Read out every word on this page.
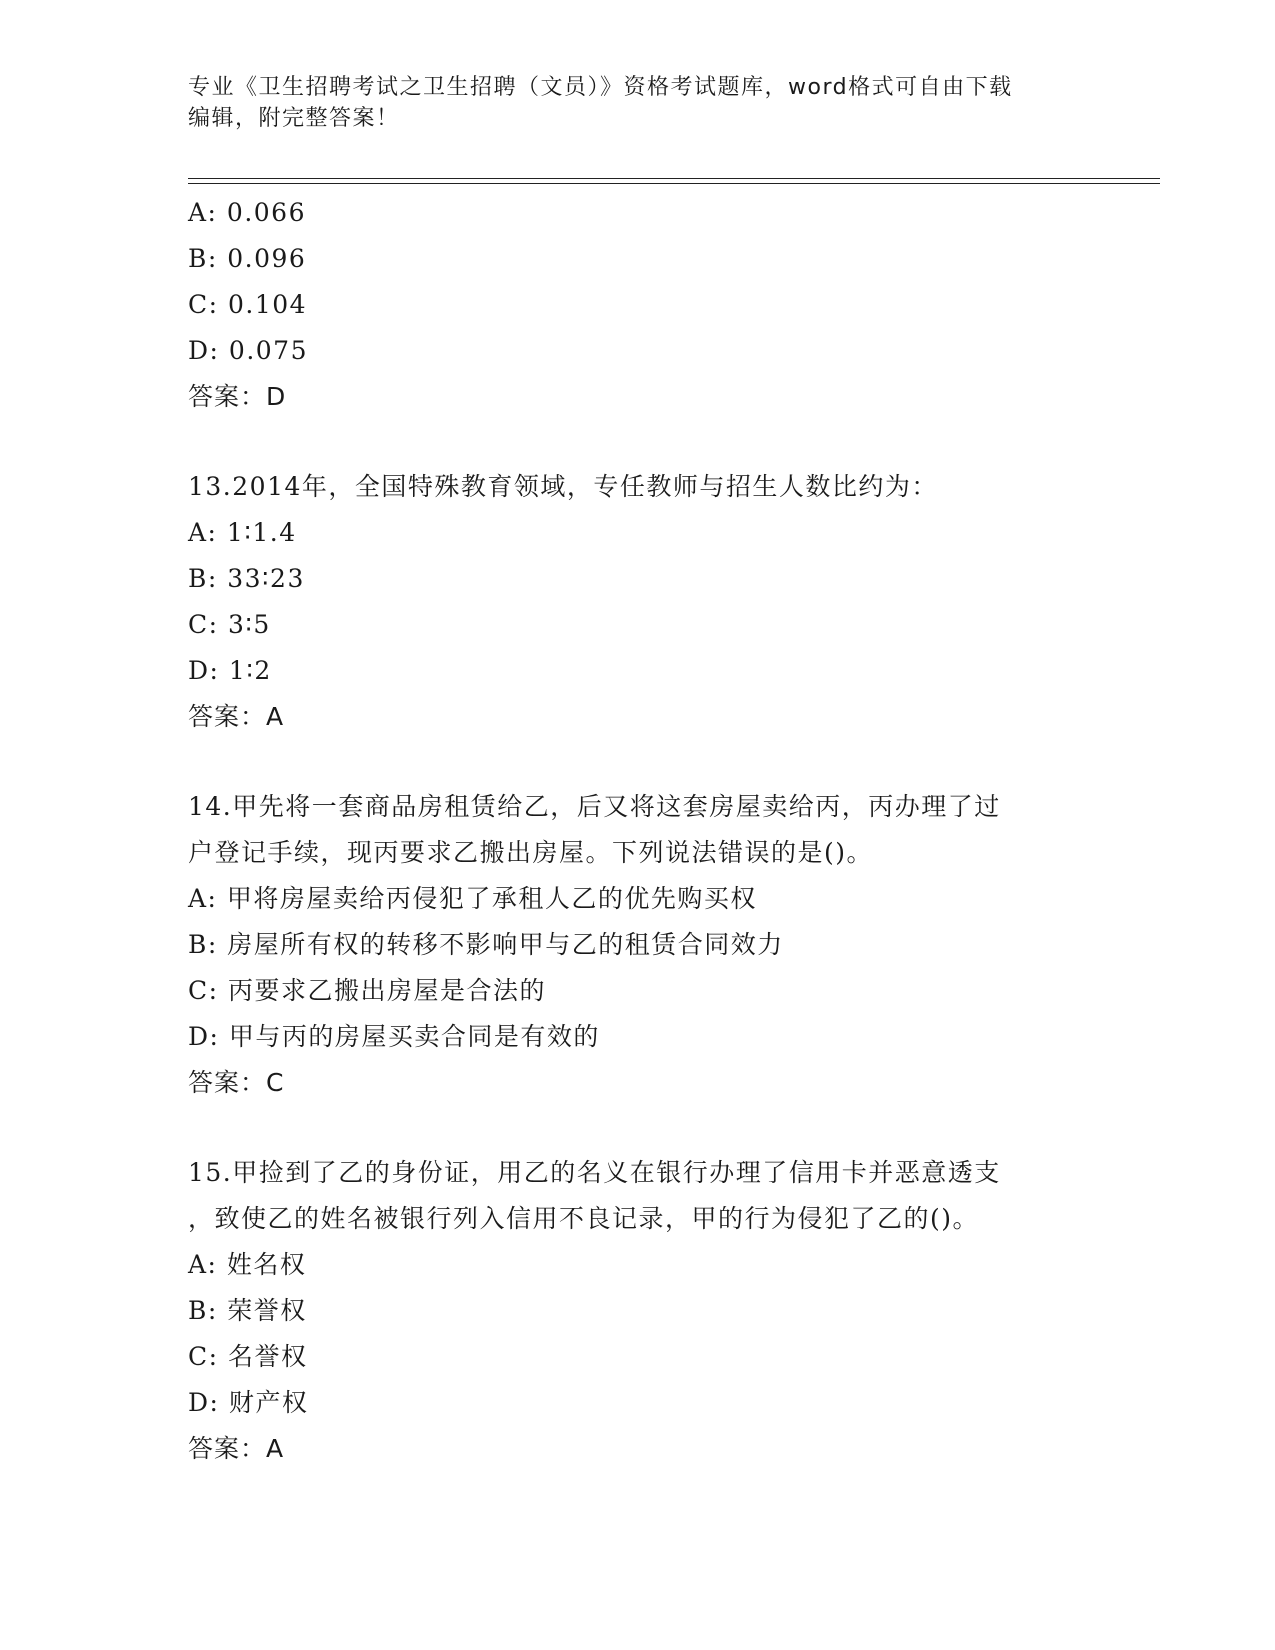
专业《卫生招聘考试之卫生招聘（文员）》资格考试题库，word格式可自由下载
编辑，附完整答案！
A: 0.066
B: 0.096
C: 0.104
D: 0.075
答案：D
13.2014年，全国特殊教育领域，专任教师与招生人数比约为：
A: 1∶1.4
B: 33∶23
C: 3∶5
D: 1∶2
答案：A
14.甲先将一套商品房租赁给乙，后又将这套房屋卖给丙，丙办理了过
户登记手续，现丙要求乙搬出房屋。下列说法错误的是()。
A: 甲将房屋卖给丙侵犯了承租人乙的优先购买权
B: 房屋所有权的转移不影响甲与乙的租赁合同效力
C: 丙要求乙搬出房屋是合法的
D: 甲与丙的房屋买卖合同是有效的
答案：C
15.甲捡到了乙的身份证，用乙的名义在银行办理了信用卡并恶意透支
，致使乙的姓名被银行列入信用不良记录，甲的行为侵犯了乙的()。
A: 姓名权
B: 荣誉权
C: 名誉权
D: 财产权
答案：A
